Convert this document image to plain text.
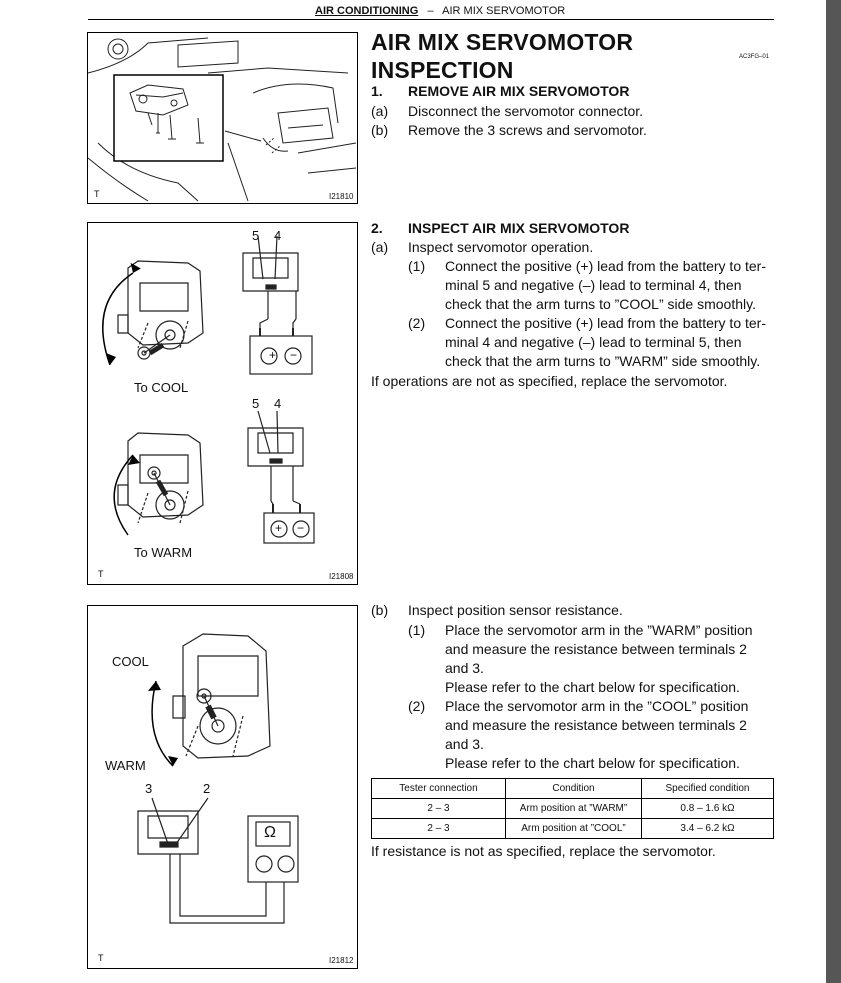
AIR CONDITIONING – AIR MIX SERVOMOTOR
AIR MIX SERVOMOTOR
INSPECTION	AC3FG–01
1. REMOVE AIR MIX SERVOMOTOR
(a) Disconnect the servomotor connector.
(b) Remove the 3 screws and servomotor.
2. INSPECT AIR MIX SERVOMOTOR
(a) Inspect servomotor operation.
(1) Connect the positive (+) lead from the battery to ter-
minal 5 and negative (–) lead to terminal 4, then
check that the arm turns to ”COOL” side smoothly.
(2) Connect the positive (+) lead from the battery to ter-
minal 4 and negative (–) lead to terminal 5, then
check that the arm turns to ”WARM” side smoothly.
If operations are not as specified, replace the servomotor.
(b) Inspect position sensor resistance.
(1) Place the servomotor arm in the ”WARM” position
and measure the resistance between terminals 2
and 3.
Please refer to the chart below for specification.
(2) Place the servomotor arm in the ”COOL” position
and measure the resistance between terminals 2
and 3.
Please refer to the chart below for specification.
Tester connection	Condition	Specified condition
2 – 3	Arm position at ”WARM”	0.8 – 1.6 kΩ
2 – 3	Arm position at ”COOL”	3.4 – 6.2 kΩ
If resistance is not as specified, replace the servomotor.
T	I21810
5 4
+ −
To COOL
5 4
+ −
To WARM
T	I21808
COOL
WARM
3	2
Ω
T	I21812
